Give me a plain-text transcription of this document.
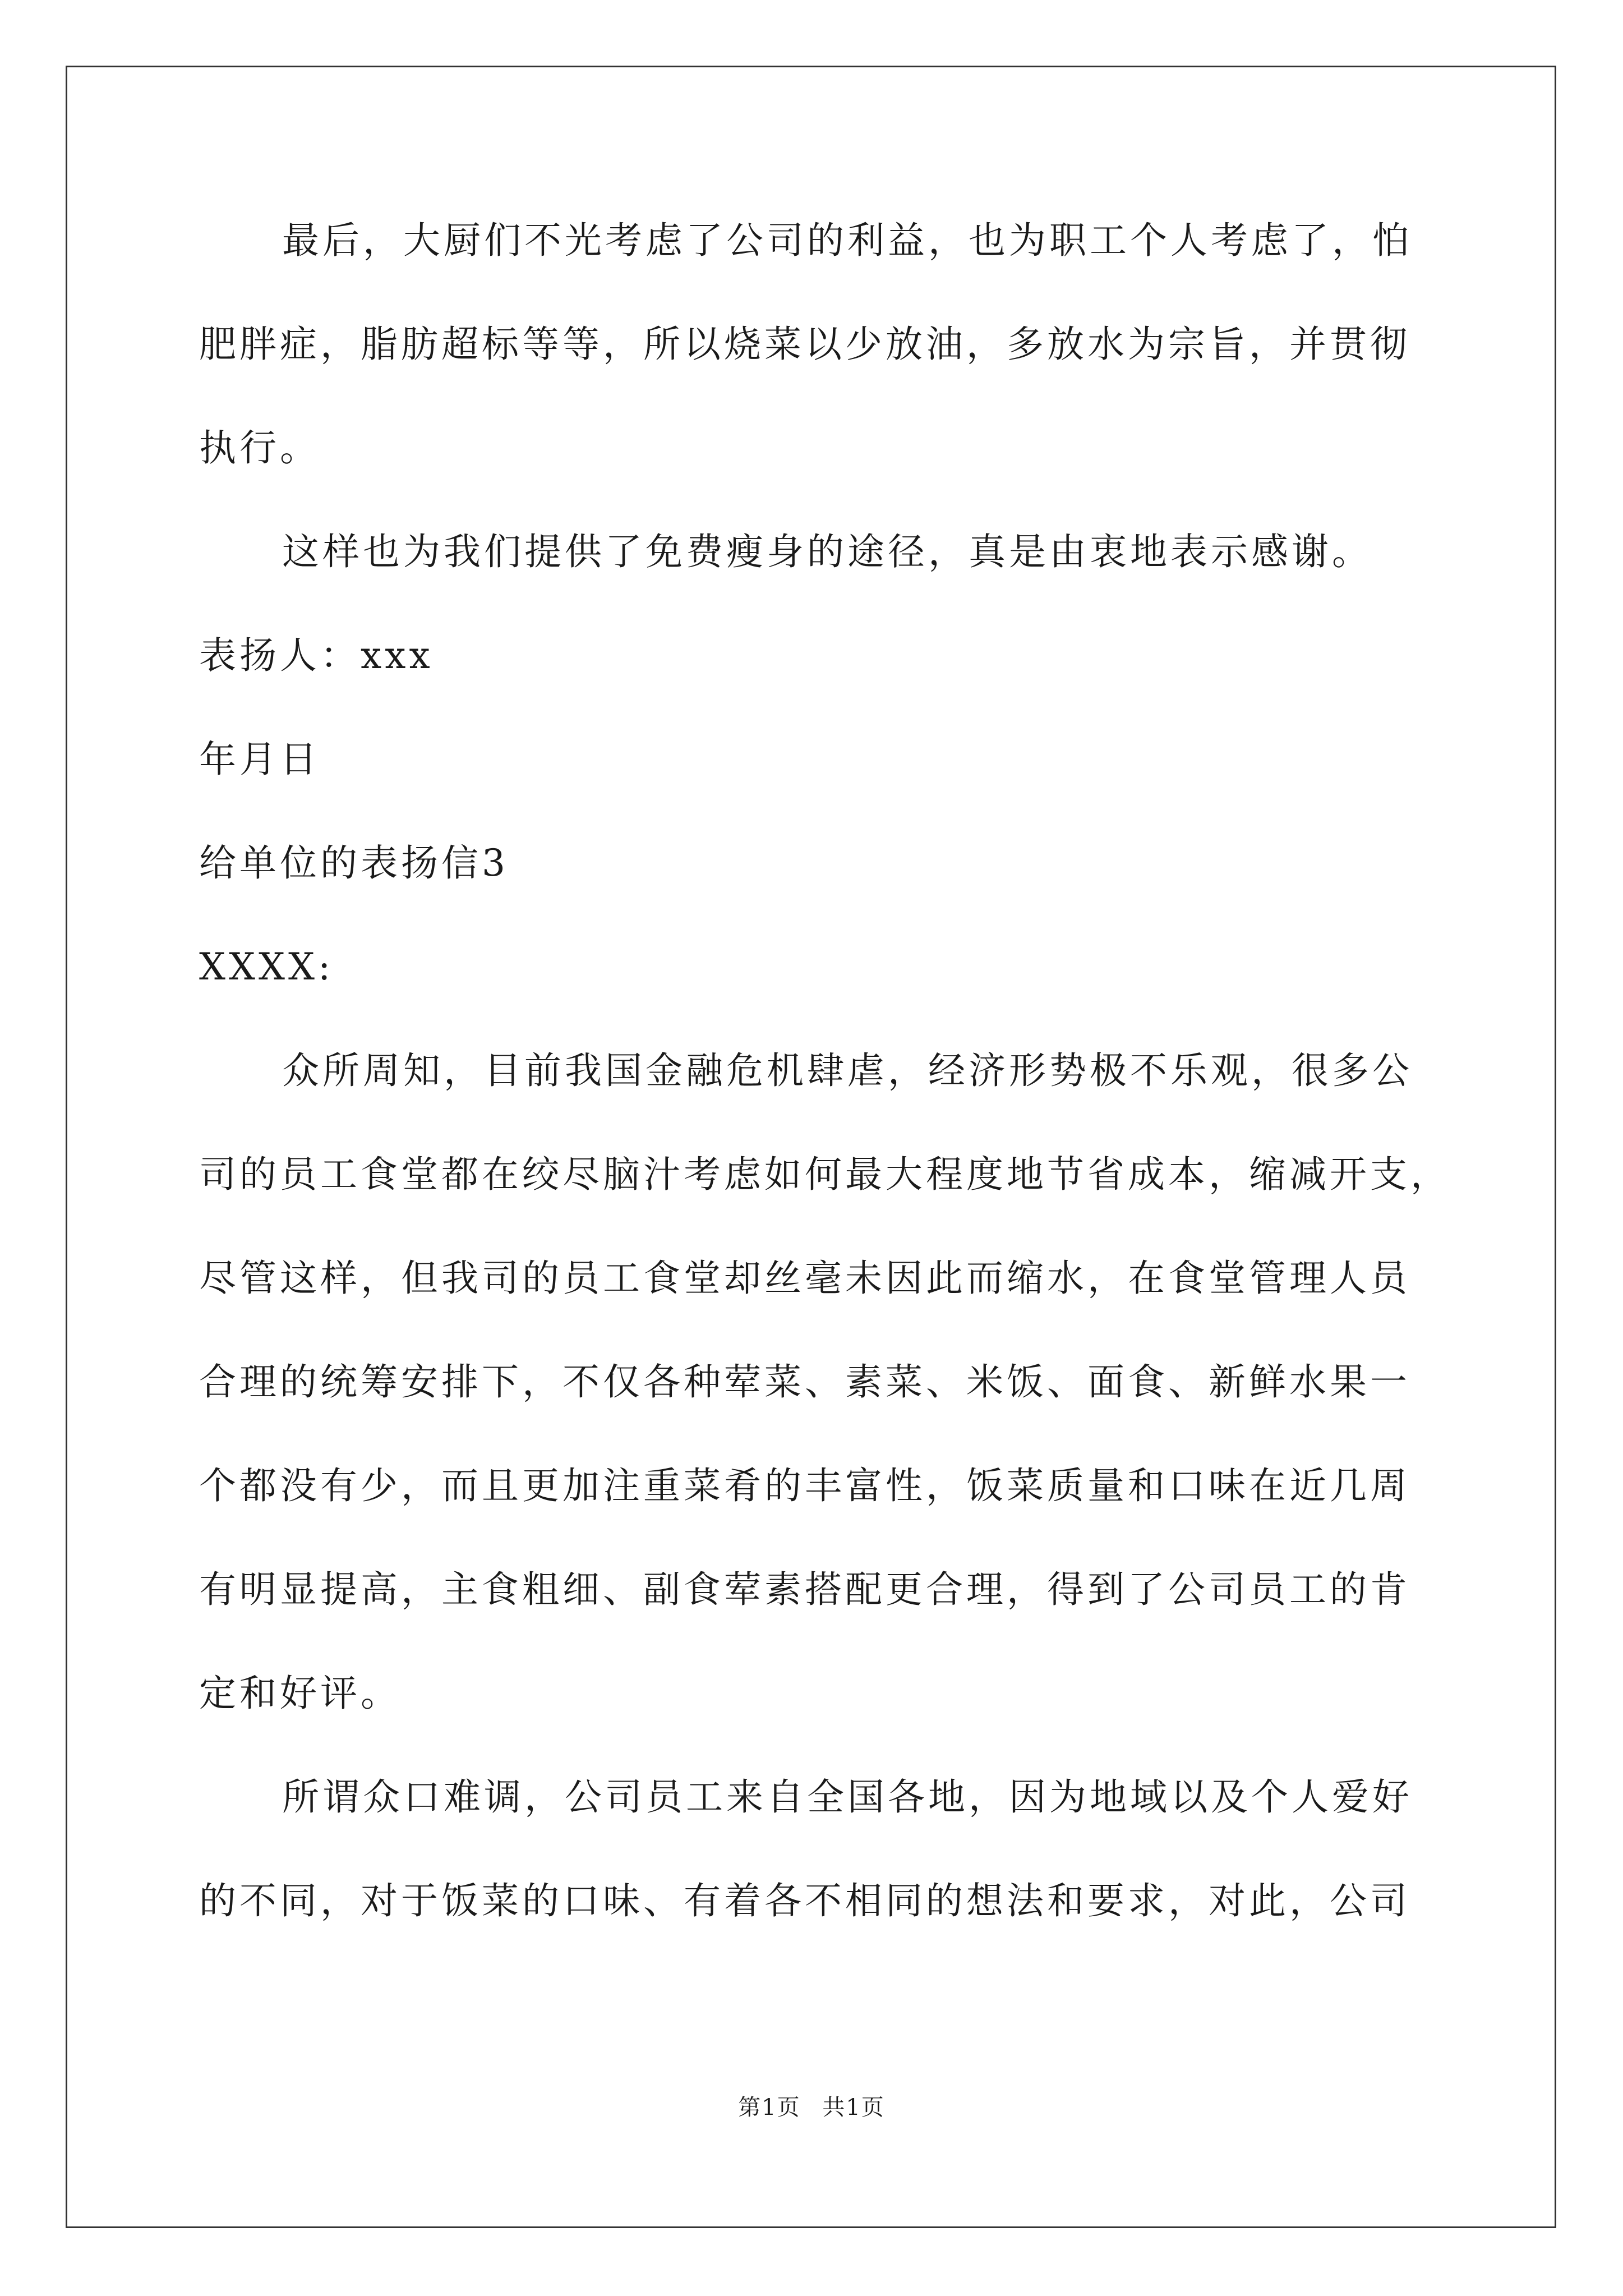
最后，大厨们不光考虑了公司的利益，也为职工个人考虑了，怕
肥胖症，脂肪超标等等，所以烧菜以少放油，多放水为宗旨，并贯彻
执行。
这样也为我们提供了免费瘦身的途径，真是由衷地表示感谢。
表扬人：xxx
年月日
给单位的表扬信3
XXXX:
众所周知，目前我国金融危机肆虐，经济形势极不乐观，很多公
司的员工食堂都在绞尽脑汁考虑如何最大程度地节省成本，缩减开支，
尽管这样，但我司的员工食堂却丝毫未因此而缩水，在食堂管理人员
合理的统筹安排下，不仅各种荤菜、素菜、米饭、面食、新鲜水果一
个都没有少，而且更加注重菜肴的丰富性，饭菜质量和口味在近几周
有明显提高，主食粗细、副食荤素搭配更合理，得到了公司员工的肯
定和好评。
所谓众口难调，公司员工来自全国各地，因为地域以及个人爱好
的不同，对于饭菜的口味、有着各不相同的想法和要求，对此，公司
第1页 共1页
